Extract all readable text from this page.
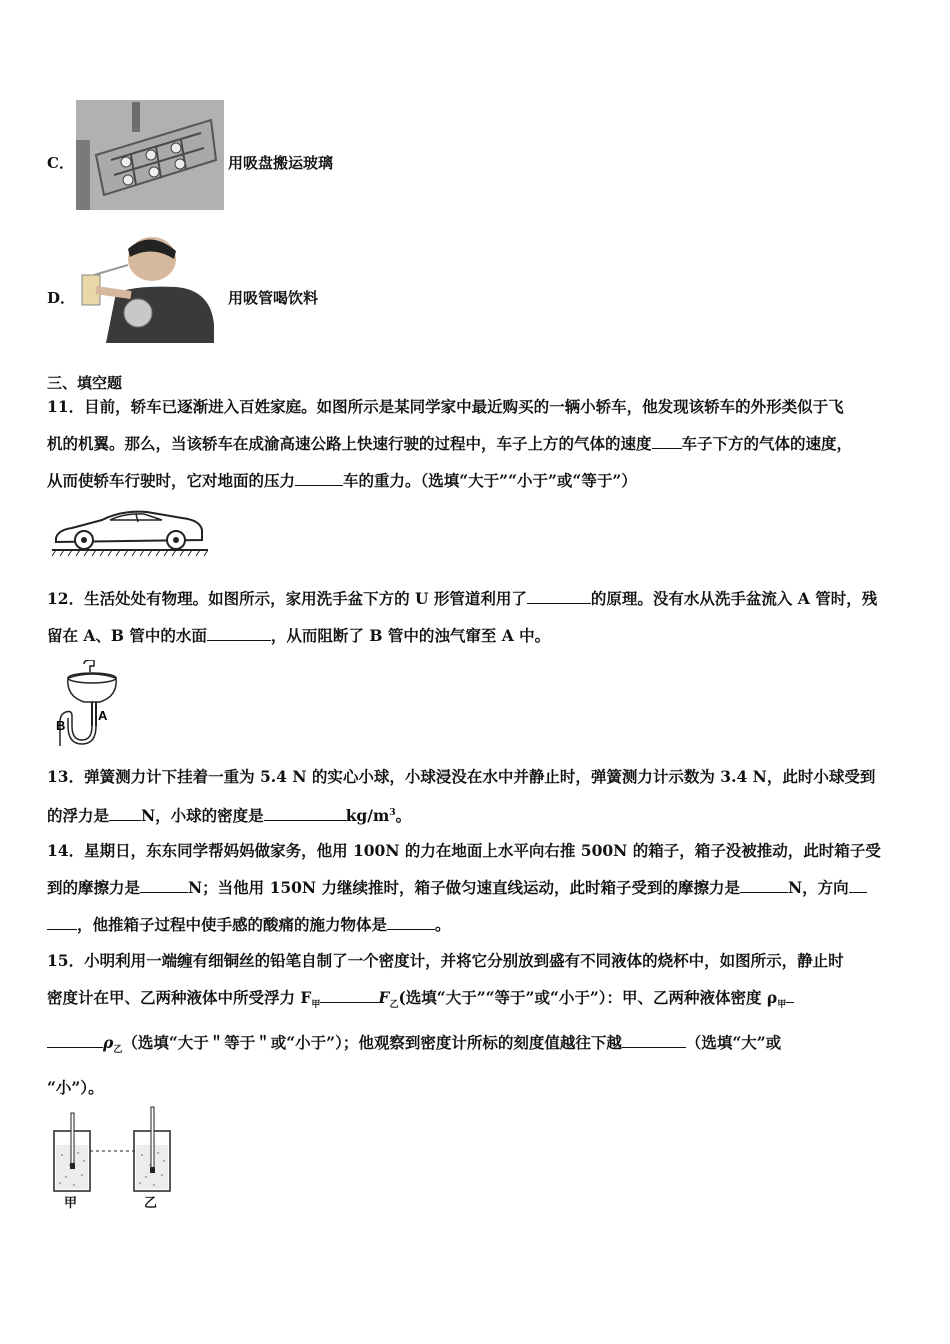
C．	用吸盘搬运玻璃
D．	用吸管喝饮料
三、填空题
11．目前，轿车已逐渐进入百姓家庭。如图所示是某同学家中最近购买的一辆小轿车，他发现该轿车的外形类似于飞
机的机翼。那么，当该轿车在成渝高速公路上快速行驶的过程中，车子上方的气体的速度 车子下方的气体的速度，
从而使轿车行驶时，它对地面的压力	车的重力。（选填“大于”“小于”或“等于”）
12．生活处处有物理。如图所示，家用洗手盆下方的 U 形管道利用了	的原理。没有水从洗手盆流入 A 管时，残
留在 A、B 管中的水面	，从而阻断了 B 管中的浊气窜至 A 中。
A
B
13．弹簧测力计下挂着一重为 5.4 N 的实心小球，小球浸没在水中并静止时，弹簧测力计示数为 3.4 N，此时小球受到
的浮力是 N，小球的密度是	$kg/m^3$。
14．星期日，东东同学帮妈妈做家务，他用 100N 的力在地面上水平向右推 500N 的箱子，箱子没被推动，此时箱子受
到的摩擦力是	N；当他用 150N 力继续推时，箱子做匀速直线运动，此时箱子受到的摩擦力是	N，方向
，他推箱子过程中使手感的酸痛的施力物体是	。
15．小明利用一端缠有细铜丝的铅笔自制了一个密度计，并将它分别放到盛有不同液体的烧杯中，如图所示，静止时
密度计在甲、乙两种液体中所受浮力 $F_甲$	$F_乙$(选填“大于”“等于”或“小于”）：甲、乙两种液体密度 $\rho_甲$
$\rho_乙$（选填“大于＂等于＂或“小于”）；他观察到密度计所标的刻度值越往下越	（选填“大”或
“小”）。
甲	乙
